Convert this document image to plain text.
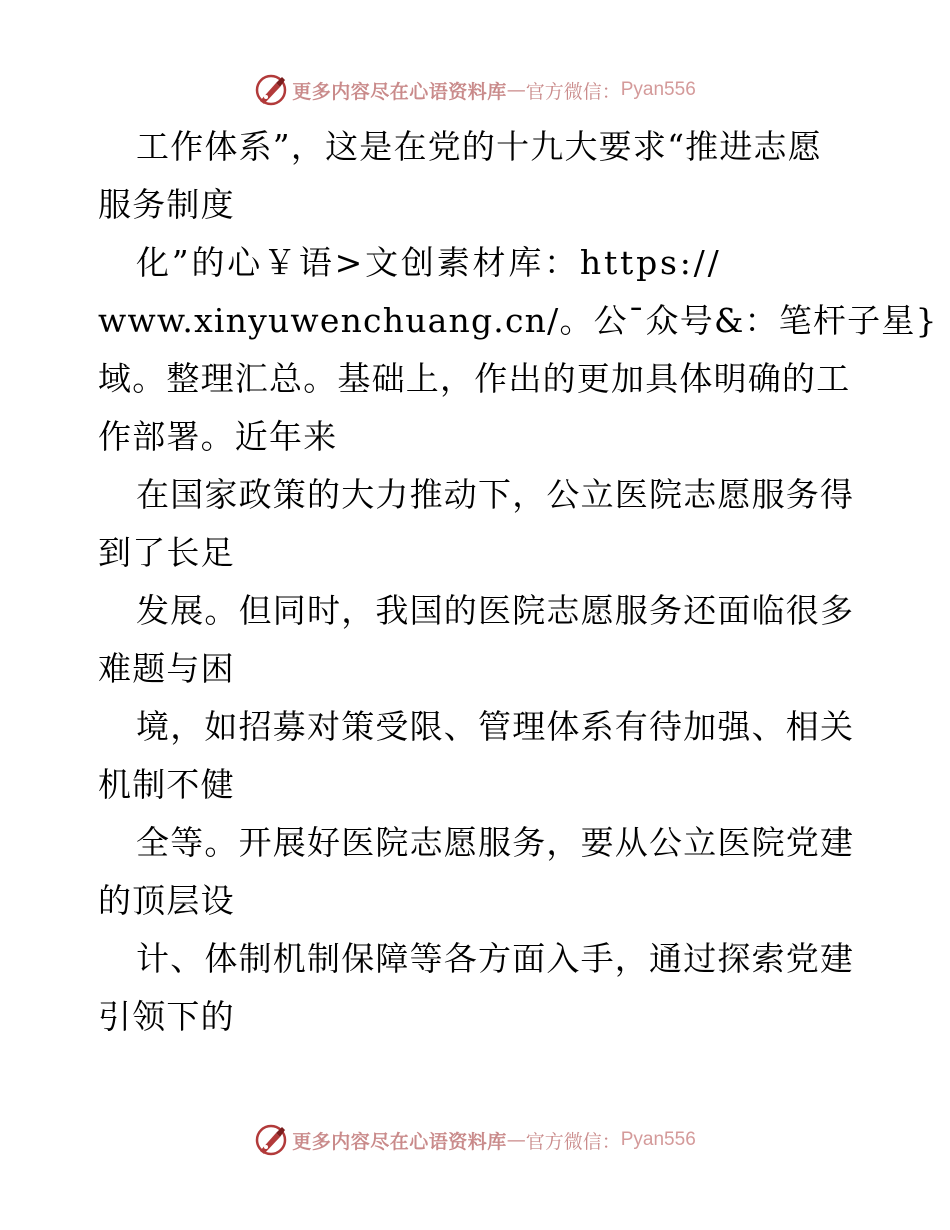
更多内容尽在心语资料库 — 官方微信： Pyan556

工作体系”，这是在党的十九大要求“推进志愿

服务制度

化”的心￥语>文创素材库：https://

www.xinyuwenchuang.cn/。公¯众号&：笔杆子星}

域。整理汇总。基础上，作出的更加具体明确的工

作部署。近年来

在国家政策的大力推动下，公立医院志愿服务得

到了长足

发展。但同时，我国的医院志愿服务还面临很多

难题与困

境，如招募对策受限、管理体系有待加强、相关

机制不健

全等。开展好医院志愿服务，要从公立医院党建

的顶层设

计、体制机制保障等各方面入手，通过探索党建

引领下的

更多内容尽在心语资料库 — 官方微信： Pyan556
